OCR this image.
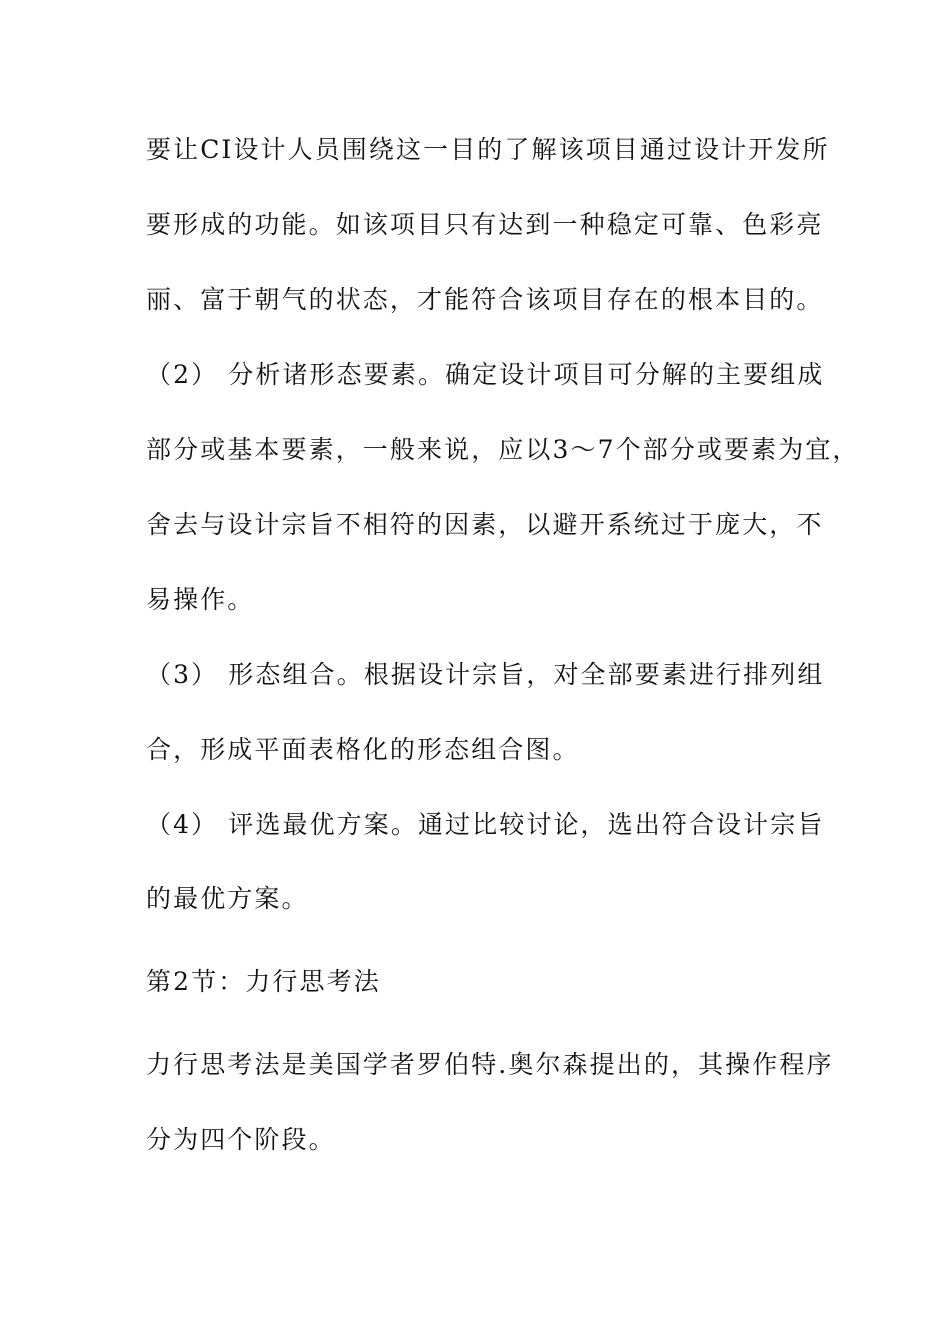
要让CI设计人员围绕这一目的了解该项目通过设计开发所
要形成的功能。如该项目只有达到一种稳定可靠、色彩亮
丽、富于朝气的状态，才能符合该项目存在的根本目的。
（2） 分析诸形态要素。确定设计项目可分解的主要组成
部分或基本要素，一般来说，应以3～7个部分或要素为宜，
舍去与设计宗旨不相符的因素，以避开系统过于庞大，不
易操作。
（3） 形态组合。根据设计宗旨，对全部要素进行排列组
合，形成平面表格化的形态组合图。
（4） 评选最优方案。通过比较讨论，选出符合设计宗旨
的最优方案。
第2节：力行思考法
力行思考法是美国学者罗伯特.奥尔森提出的，其操作程序
分为四个阶段。
